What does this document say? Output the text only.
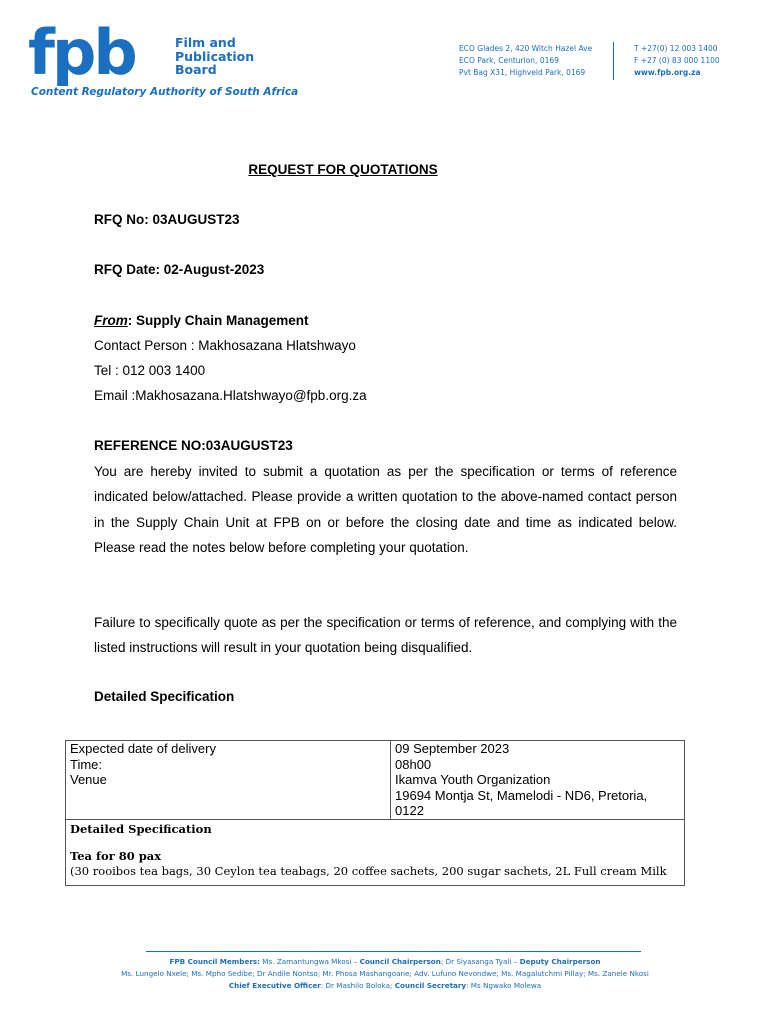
fpb	Film and
Publication
Board
Content Regulatory Authority of South Africa
ECO Glades 2, 420 Witch Hazel Ave
ECO Park, Centurion, 0169
Pvt Bag X31, Highveld Park, 0169
T +27(0) 12 003 1400
F +27 (0) 83 000 1100
www.fpb.org.za
REQUEST FOR QUOTATIONS
RFQ No: 03AUGUST23
RFQ Date: 02-August-2023
From: Supply Chain Management
Contact Person : Makhosazana Hlatshwayo
Tel : 012 003 1400
Email :Makhosazana.Hlatshwayo@fpb.org.za
REFERENCE NO:03AUGUST23
You are hereby invited to submit a quotation as per the specification or terms of reference indicated below/attached. Please provide a written quotation to the above-named contact person in the Supply Chain Unit at FPB on or before the closing date and time as indicated below. Please read the notes below before completing your quotation.
Failure to specifically quote as per the specification or terms of reference, and complying with the listed instructions will result in your quotation being disqualified.
Detailed Specification
Expected date of delivery	09 September 2023
Time:	08h00
Venue	Ikamva Youth Organization
19694 Montja St, Mamelodi - ND6, Pretoria,
0122

Detailed Specification
Tea for 80 pax
(30 rooibos tea bags, 30 Ceylon tea teabags, 20 coffee sachets, 200 sugar sachets, 2L Full cream Milk	
FPB Council Members: Ms. Zamantungwa Mkosi – Council Chairperson; Dr Siyasanga Tyali – Deputy Chairperson
Ms. Lungelo Nxele; Ms. Mpho Sedibe; Dr Andile Nontso; Mr. Phosa Mashangoane; Adv. Lufuno Nevondwe; Ms. Magalutchmi Pillay; Ms. Zanele Nkosi
Chief Executive Officer: Dr Mashilo Boloka; Council Secretary: Ms Ngwako Molewa
